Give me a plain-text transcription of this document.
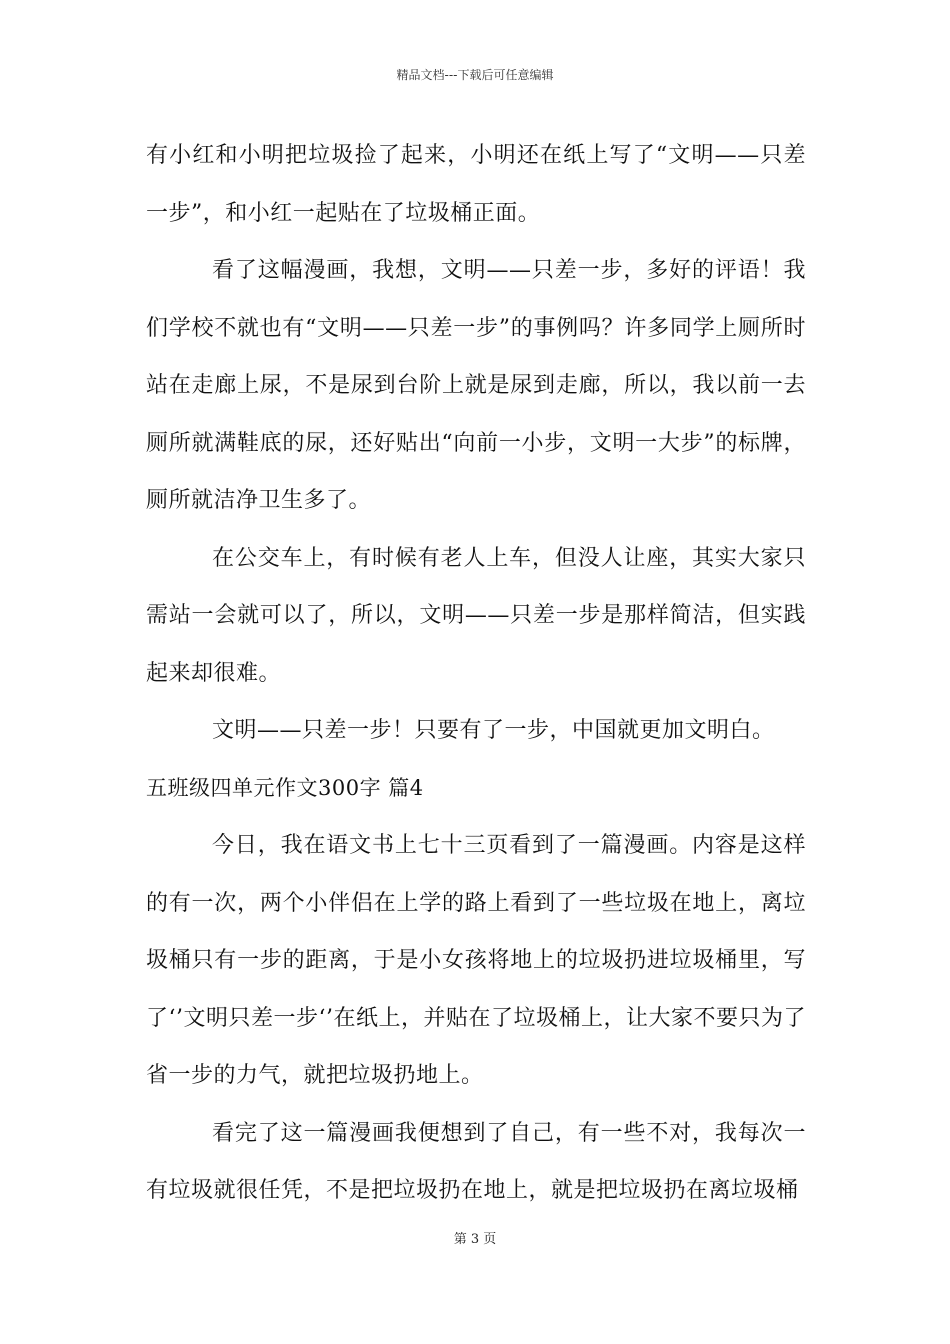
精品文档---下载后可任意编辑

有小红和小明把垃圾捡了起来，小明还在纸上写了“文明——只差一步”，和小红一起贴在了垃圾桶正面。

看了这幅漫画，我想，文明——只差一步，多好的评语！我们学校不就也有“文明——只差一步”的事例吗？许多同学上厕所时站在走廊上尿，不是尿到台阶上就是尿到走廊，所以，我以前一去厕所就满鞋底的尿，还好贴出“向前一小步，文明一大步”的标牌，厕所就洁净卫生多了。

在公交车上，有时候有老人上车，但没人让座，其实大家只需站一会就可以了，所以，文明——只差一步是那样简洁，但实践起来却很难。

文明——只差一步！只要有了一步，中国就更加文明白。

五班级四单元作文300字 篇4

今日，我在语文书上七十三页看到了一篇漫画。内容是这样的有一次，两个小伴侣在上学的路上看到了一些垃圾在地上，离垃圾桶只有一步的距离，于是小女孩将地上的垃圾扔进垃圾桶里，写了‘’文明只差一步‘’在纸上，并贴在了垃圾桶上，让大家不要只为了省一步的力气，就把垃圾扔地上。

看完了这一篇漫画我便想到了自己，有一些不对，我每次一有垃圾就很任凭，不是把垃圾扔在地上，就是把垃圾扔在离垃圾桶

第 3 页
